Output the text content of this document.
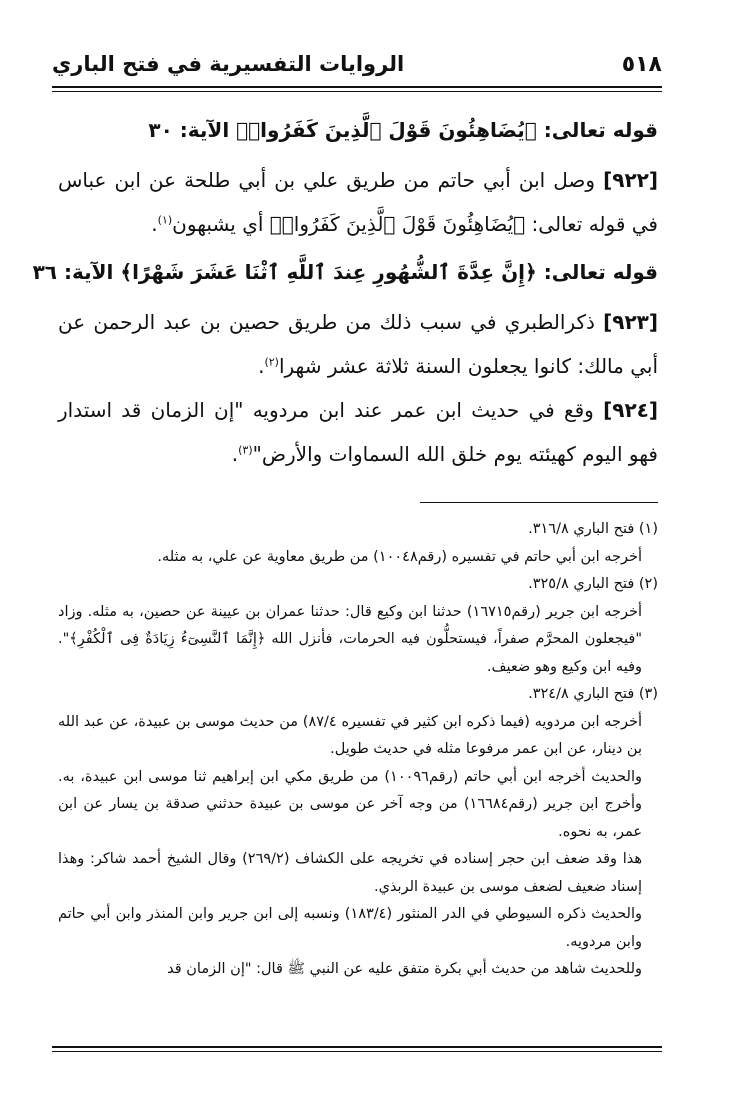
٥١٨
الروايات التفسيرية في فتح الباري
قوله تعالى: ﴿يُضَاهِئُونَ قَوْلَ ٱلَّذِينَ كَفَرُوا۟﴾ الآية: ٣٠

[٩٢٢] وصل ابن أبي حاتم من طريق علي بن أبي طلحة عن ابن عباس في قوله تعالى: ﴿يُضَاهِئُونَ قَوْلَ ٱلَّذِينَ كَفَرُوا۟﴾ أي يشبهون$^{(١)}$.

قوله تعالى: ﴿إِنَّ عِدَّةَ ٱلشُّهُورِ عِندَ ٱللَّهِ ٱثْنَا عَشَرَ شَهْرًا﴾ الآية: ٣٦

[٩٢٣] ذكرالطبري في سبب ذلك من طريق حصين بن عبد الرحمن عن أبي مالك: كانوا يجعلون السنة ثلاثة عشر شهرا$^{(٢)}$.

[٩٢٤] وقع في حديث ابن عمر عند ابن مردويه "إن الزمان قد استدار فهو اليوم كهيئته يوم خلق الله السماوات والأرض"$^{(٣)}$.

(١) فتح الباري ٣١٦/٨.

أخرجه ابن أبي حاتم في تفسيره (رقم١٠٠٤٨) من طريق معاوية عن علي، به مثله.

(٢) فتح الباري ٣٢٥/٨.

أخرجه ابن جرير (رقم١٦٧١٥) حدثنا ابن وكيع قال: حدثنا عمران بن عيينة عن حصين، به مثله. وزاد "فيجعلون المحرَّم صفراً، فيستحلُّون فيه الحرمات، فأنزل الله ﴿إِنَّمَا ٱلنَّسِىٓءُ زِيَادَةٌ فِى ٱلْكُفْرِ﴾". وفيه ابن وكيع وهو ضعيف.

(٣) فتح الباري ٣٢٤/٨.

أخرجه ابن مردويه (فيما ذكره ابن كثير في تفسيره ٨٧/٤) من حديث موسى بن عبيدة، عن عبد الله بن دينار، عن ابن عمر مرفوعا مثله في حديث طويل.

والحديث أخرجه ابن أبي حاتم (رقم١٠٠٩٦) من طريق مكي ابن إبراهيم ثنا موسى ابن عبيدة، به. وأخرج ابن جرير (رقم١٦٦٨٤) من وجه آخر عن موسى بن عبيدة حدثني صدقة بن يسار عن ابن عمر، به نحوه.

هذا وقد ضعف ابن حجر إسناده في تخريجه على الكشاف (٢٦٩/٢) وقال الشيخ أحمد شاكر: وهذا إسناد ضعيف لضعف موسى بن عبيدة الربذي.

والحديث ذكره السيوطي في الدر المنثور (١٨٣/٤) ونسبه إلى ابن جرير وابن المنذر وابن أبي حاتم وابن مردويه.

وللحديث شاهد من حديث أبي بكرة متفق عليه عن النبي ﷺ قال: "إن الزمان قد
